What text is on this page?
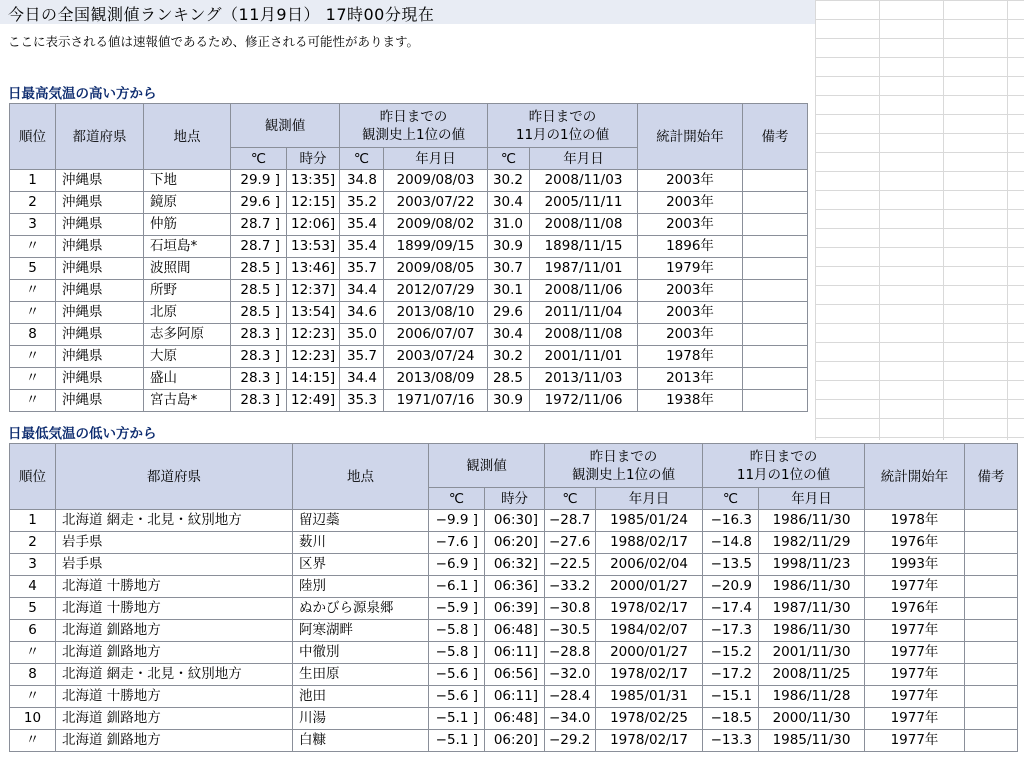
今日の全国観測値ランキング（11月9日） 17時00分現在
ここに表示される値は速報値であるため、修正される可能性があります。
日最高気温の高い方から
順位	都道府県	地点	観測値		昨日までの
観測史上1位の値		昨日までの
11月の1位の値		統計開始年	備考
			℃	時分	℃	年月日	℃	年月日		
1	沖縄県	下地	29.9 ]	13:35]	34.8	2009/08/03	30.2	2008/11/03	2003年	
2	沖縄県	鏡原	29.6 ]	12:15]	35.2	2003/07/22	30.4	2005/11/11	2003年	
3	沖縄県	仲筋	28.7 ]	12:06]	35.4	2009/08/02	31.0	2008/11/08	2003年	
〃	沖縄県	石垣島*	28.7 ]	13:53]	35.4	1899/09/15	30.9	1898/11/15	1896年	
5	沖縄県	波照間	28.5 ]	13:46]	35.7	2009/08/05	30.7	1987/11/01	1979年	
〃	沖縄県	所野	28.5 ]	12:37]	34.4	2012/07/29	30.1	2008/11/06	2003年	
〃	沖縄県	北原	28.5 ]	13:54]	34.6	2013/08/10	29.6	2011/11/04	2003年	
8	沖縄県	志多阿原	28.3 ]	12:23]	35.0	2006/07/07	30.4	2008/11/08	2003年	
〃	沖縄県	大原	28.3 ]	12:23]	35.7	2003/07/24	30.2	2001/11/01	1978年	
〃	沖縄県	盛山	28.3 ]	14:15]	34.4	2013/08/09	28.5	2013/11/03	2013年	
〃	沖縄県	宮古島*	28.3 ]	12:49]	35.3	1971/07/16	30.9	1972/11/06	1938年	
日最低気温の低い方から
順位	都道府県	地点	観測値		昨日までの
観測史上1位の値		昨日までの
11月の1位の値		統計開始年	備考
			℃	時分	℃	年月日	℃	年月日		
1	北海道 網走・北見・紋別地方	留辺蘂	−9.9 ]	06:30]	−28.7	1985/01/24	−16.3	1986/11/30	1978年	
2	岩手県	薮川	−7.6 ]	06:20]	−27.6	1988/02/17	−14.8	1982/11/29	1976年	
3	岩手県	区界	−6.9 ]	06:32]	−22.5	2006/02/04	−13.5	1998/11/23	1993年	
4	北海道 十勝地方	陸別	−6.1 ]	06:36]	−33.2	2000/01/27	−20.9	1986/11/30	1977年	
5	北海道 十勝地方	ぬかびら源泉郷	−5.9 ]	06:39]	−30.8	1978/02/17	−17.4	1987/11/30	1976年	
6	北海道 釧路地方	阿寒湖畔	−5.8 ]	06:48]	−30.5	1984/02/07	−17.3	1986/11/30	1977年	
〃	北海道 釧路地方	中徹別	−5.8 ]	06:11]	−28.8	2000/01/27	−15.2	2001/11/30	1977年	
8	北海道 網走・北見・紋別地方	生田原	−5.6 ]	06:56]	−32.0	1978/02/17	−17.2	2008/11/25	1977年	
〃	北海道 十勝地方	池田	−5.6 ]	06:11]	−28.4	1985/01/31	−15.1	1986/11/28	1977年	
10	北海道 釧路地方	川湯	−5.1 ]	06:48]	−34.0	1978/02/25	−18.5	2000/11/30	1977年	
〃	北海道 釧路地方	白糠	−5.1 ]	06:20]	−29.2	1978/02/17	−13.3	1985/11/30	1977年	
